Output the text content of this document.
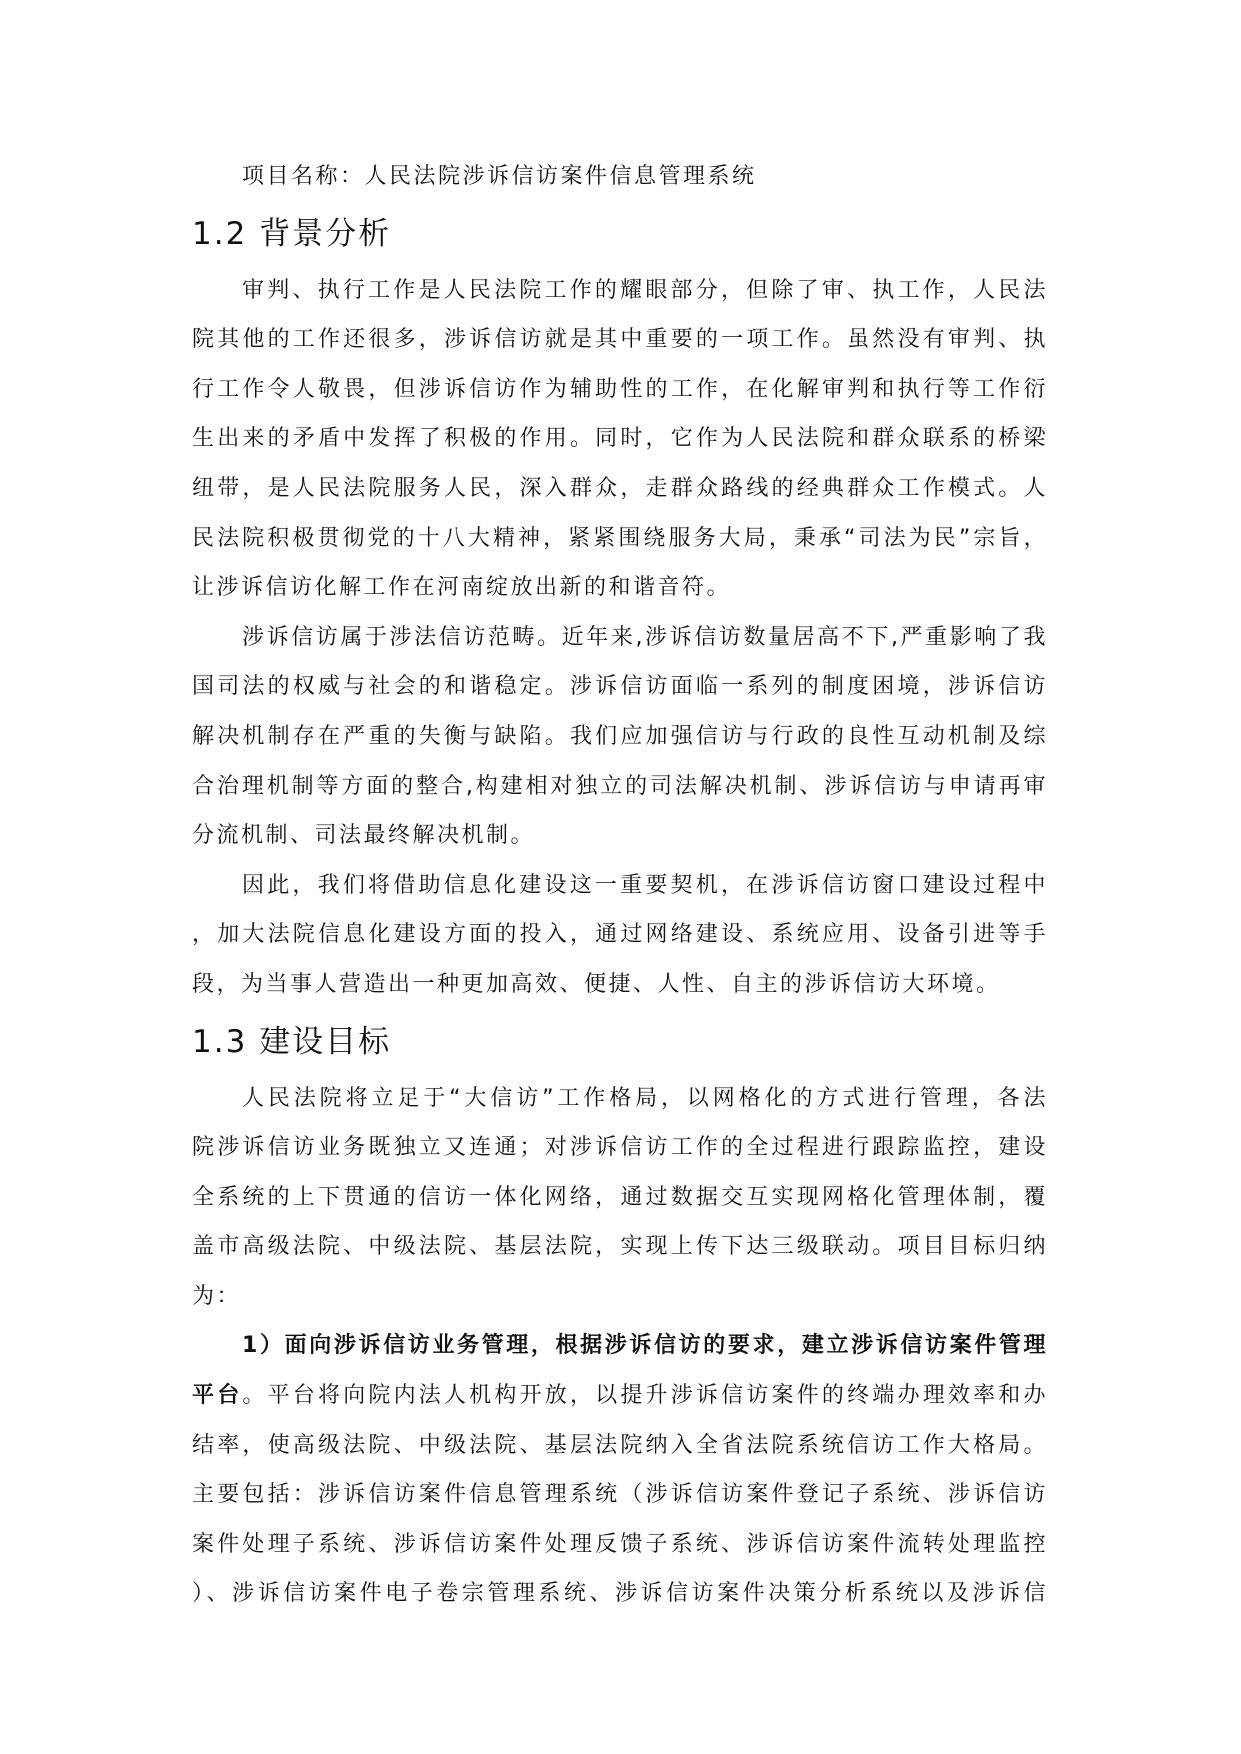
项目名称：人民法院涉诉信访案件信息管理系统
1.2 背景分析
审判、执行工作是人民法院工作的耀眼部分，但除了审、执工作，人民法
院其他的工作还很多，涉诉信访就是其中重要的一项工作。虽然没有审判、执
行工作令人敬畏，但涉诉信访作为辅助性的工作，在化解审判和执行等工作衍
生出来的矛盾中发挥了积极的作用。同时，它作为人民法院和群众联系的桥梁
纽带，是人民法院服务人民，深入群众，走群众路线的经典群众工作模式。人
民法院积极贯彻党的十八大精神，紧紧围绕服务大局，秉承“司法为民”宗旨，
让涉诉信访化解工作在河南绽放出新的和谐音符。
涉诉信访属于涉法信访范畴。近年来,涉诉信访数量居高不下,严重影响了我
国司法的权威与社会的和谐稳定。涉诉信访面临一系列的制度困境，涉诉信访
解决机制存在严重的失衡与缺陷。我们应加强信访与行政的良性互动机制及综
合治理机制等方面的整合,构建相对独立的司法解决机制、涉诉信访与申请再审
分流机制、司法最终解决机制。
因此，我们将借助信息化建设这一重要契机，在涉诉信访窗口建设过程中
，加大法院信息化建设方面的投入，通过网络建设、系统应用、设备引进等手
段，为当事人营造出一种更加高效、便捷、人性、自主的涉诉信访大环境。
1.3 建设目标
人民法院将立足于“大信访”工作格局，以网格化的方式进行管理，各法
院涉诉信访业务既独立又连通；对涉诉信访工作的全过程进行跟踪监控，建设
全系统的上下贯通的信访一体化网络，通过数据交互实现网格化管理体制，覆
盖市高级法院、中级法院、基层法院，实现上传下达三级联动。项目目标归纳
为：
1）面向涉诉信访业务管理，根据涉诉信访的要求，建立涉诉信访案件管理
平台。平台将向院内法人机构开放，以提升涉诉信访案件的终端办理效率和办
结率，使高级法院、中级法院、基层法院纳入全省法院系统信访工作大格局。
主要包括：涉诉信访案件信息管理系统（涉诉信访案件登记子系统、涉诉信访
案件处理子系统、涉诉信访案件处理反馈子系统、涉诉信访案件流转处理监控
）、涉诉信访案件电子卷宗管理系统、涉诉信访案件决策分析系统以及涉诉信
